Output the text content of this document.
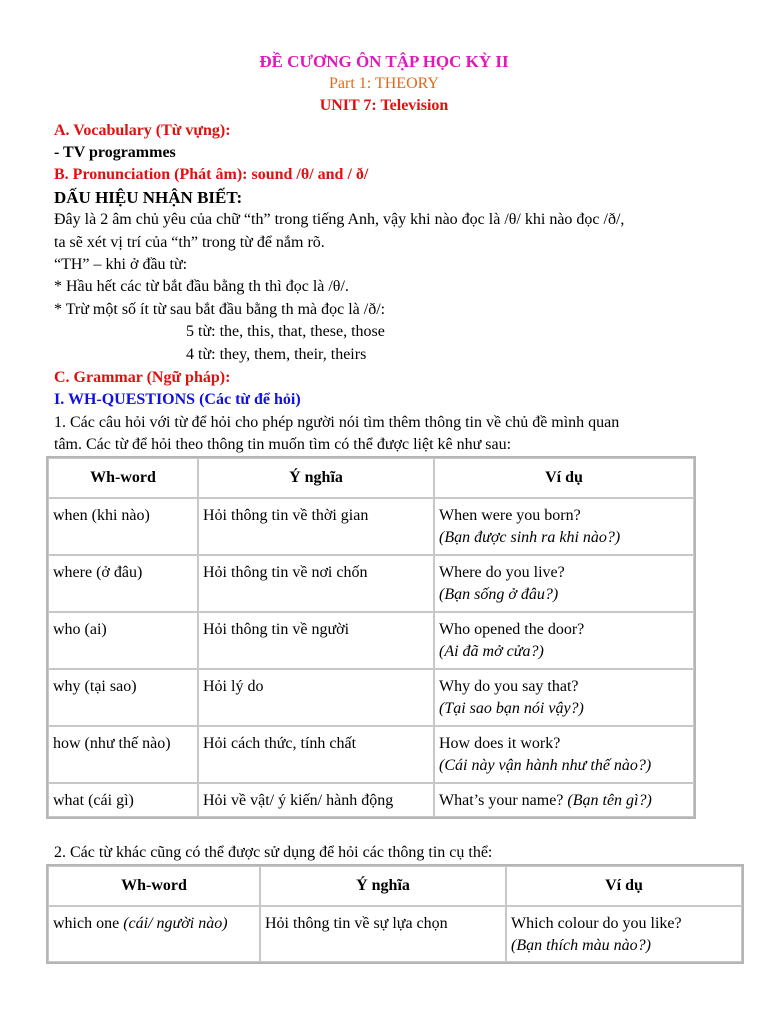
ĐỀ CƯƠNG ÔN TẬP HỌC KỲ II
Part 1: THEORY
UNIT 7: Television
A. Vocabulary (Từ vựng):
- TV programmes
B. Pronunciation (Phát âm): sound /θ/ and / ð/
DẤU HIỆU NHẬN BIẾT:
Đây là 2 âm chủ yêu của chữ “th” trong tiếng Anh, vậy khi nào đọc là /θ/ khi nào đọc /ð/,
ta sẽ xét vị trí của “th” trong từ để nắm rõ.
“TH” – khi ở đầu từ:
* Hầu hết các từ bắt đầu bằng th thì đọc là /θ/.
* Trừ một số ít từ sau bắt đầu bằng th mà đọc là /ð/:
5 từ: the, this, that, these, those
4 từ: they, them, their, theirs
C. Grammar (Ngữ pháp):
I. WH-QUESTIONS (Các từ để hỏi)
1. Các câu hỏi với từ để hỏi cho phép người nói tìm thêm thông tin về chủ đề mình quan
tâm. Các từ để hỏi theo thông tin muốn tìm có thể được liệt kê như sau:
Wh-word	Ý nghĩa	Ví dụ
when (khi nào)	Hỏi thông tin về thời gian	When were you born?
(Bạn được sinh ra khi nào?)

where (ở đâu)	Hỏi thông tin về nơi chốn	Where do you live?
(Bạn sống ở đâu?)

who (ai)	Hỏi thông tin về người	Who opened the door?
(Ai đã mở cửa?)

why (tại sao)	Hỏi lý do	Why do you say that?
(Tại sao bạn nói vậy?)

how (như thế nào)	Hỏi cách thức, tính chất	How does it work?
(Cái này vận hành như thế nào?)

what (cái gì)	Hỏi về vật/ ý kiến/ hành động	What’s your name? (Bạn tên gì?)
2. Các từ khác cũng có thể được sử dụng để hỏi các thông tin cụ thể:
Wh-word	Ý nghĩa	Ví dụ
which one (cái/ người nào)	Hỏi thông tin về sự lựa chọn	Which colour do you like?
(Bạn thích màu nào?)
